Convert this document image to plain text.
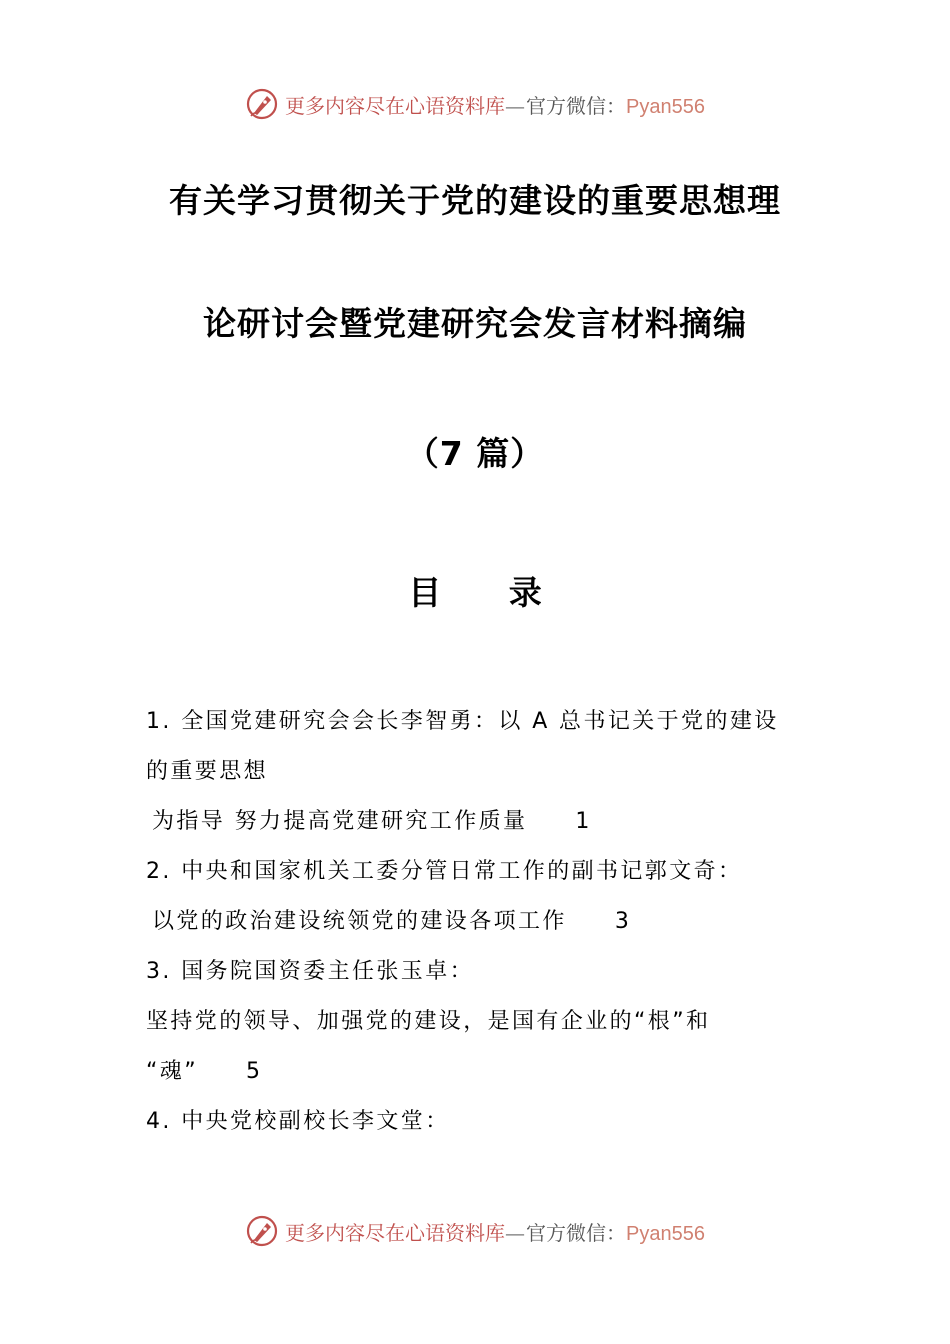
更多内容尽在心语资料库—官方微信：Pyan556
有关学习贯彻关于党的建设的重要思想理
论研讨会暨党建研究会发言材料摘编
（7 篇）
目 录
1. 全国党建研究会会长李智勇：以 A 总书记关于党的建设
的重要思想
为指导 努力提高党建研究工作质量 1
2. 中央和国家机关工委分管日常工作的副书记郭文奇：
以党的政治建设统领党的建设各项工作 3
3. 国务院国资委主任张玉卓：
坚持党的领导、加强党的建设，是国有企业的“根”和
“魂” 5
4. 中央党校副校长李文堂：
更多内容尽在心语资料库—官方微信：Pyan556
